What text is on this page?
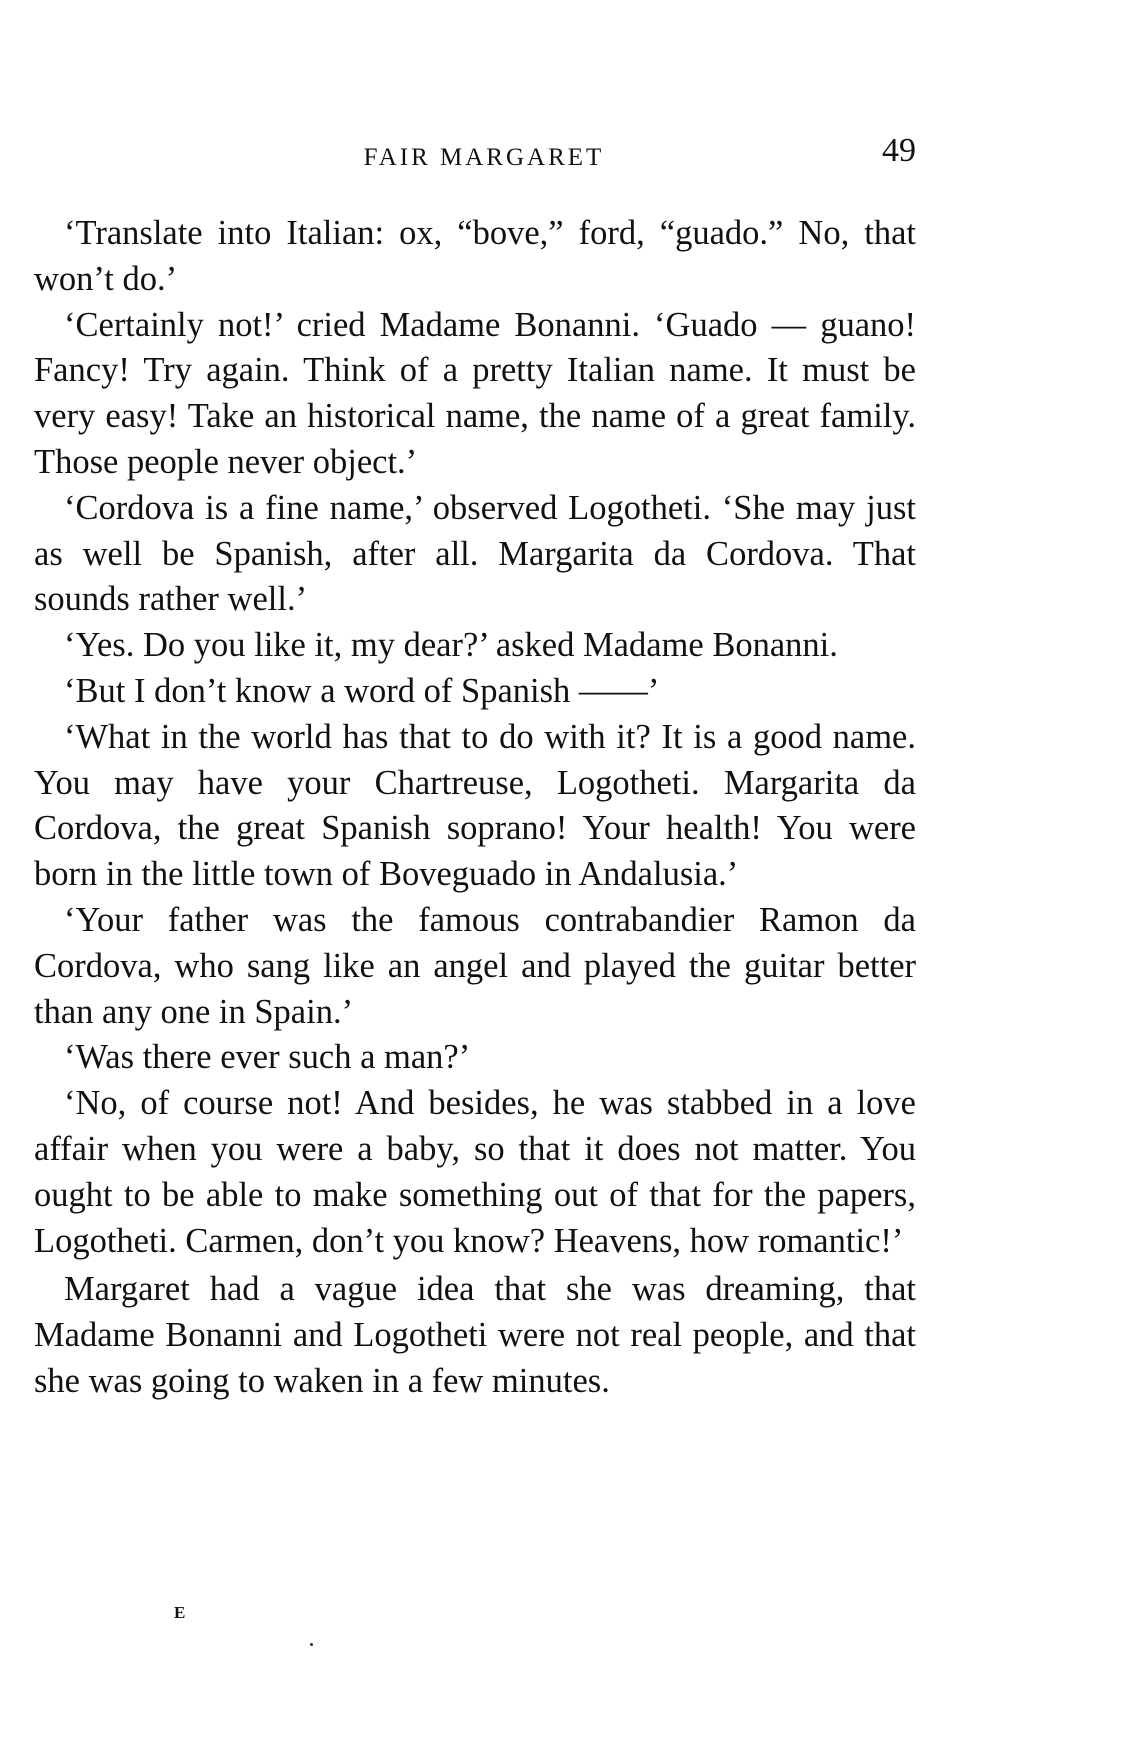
FAIR MARGARET	49

‘Translate into Italian: ox, “bove,” ford, “guado.” No, that won’t do.’

‘Certainly not!’ cried Madame Bonanni. ‘Guado — guano! Fancy! Try again. Think of a pretty Italian name. It must be very easy! Take an historical name, the name of a great family. Those people never object.’

‘Cordova is a fine name,’ observed Logotheti. ‘She may just as well be Spanish, after all. Margarita da Cordova. That sounds rather well.’

‘Yes. Do you like it, my dear?’ asked Madame Bonanni.

‘But I don’t know a word of Spanish ——’

‘What in the world has that to do with it? It is a good name. You may have your Chartreuse, Logotheti. Margarita da Cordova, the great Spanish soprano! Your health! You were born in the little town of Boveguado in Andalusia.’

‘Your father was the famous contrabandier Ramon da Cordova, who sang like an angel and played the guitar better than any one in Spain.’

‘Was there ever such a man?’

‘No, of course not! And besides, he was stabbed in a love affair when you were a baby, so that it does not matter. You ought to be able to make something out of that for the papers, Logotheti. Carmen, don’t you know? Heavens, how romantic!’

Margaret had a vague idea that she was dreaming, that Madame Bonanni and Logotheti were not real people, and that she was going to waken in a few minutes.

E
